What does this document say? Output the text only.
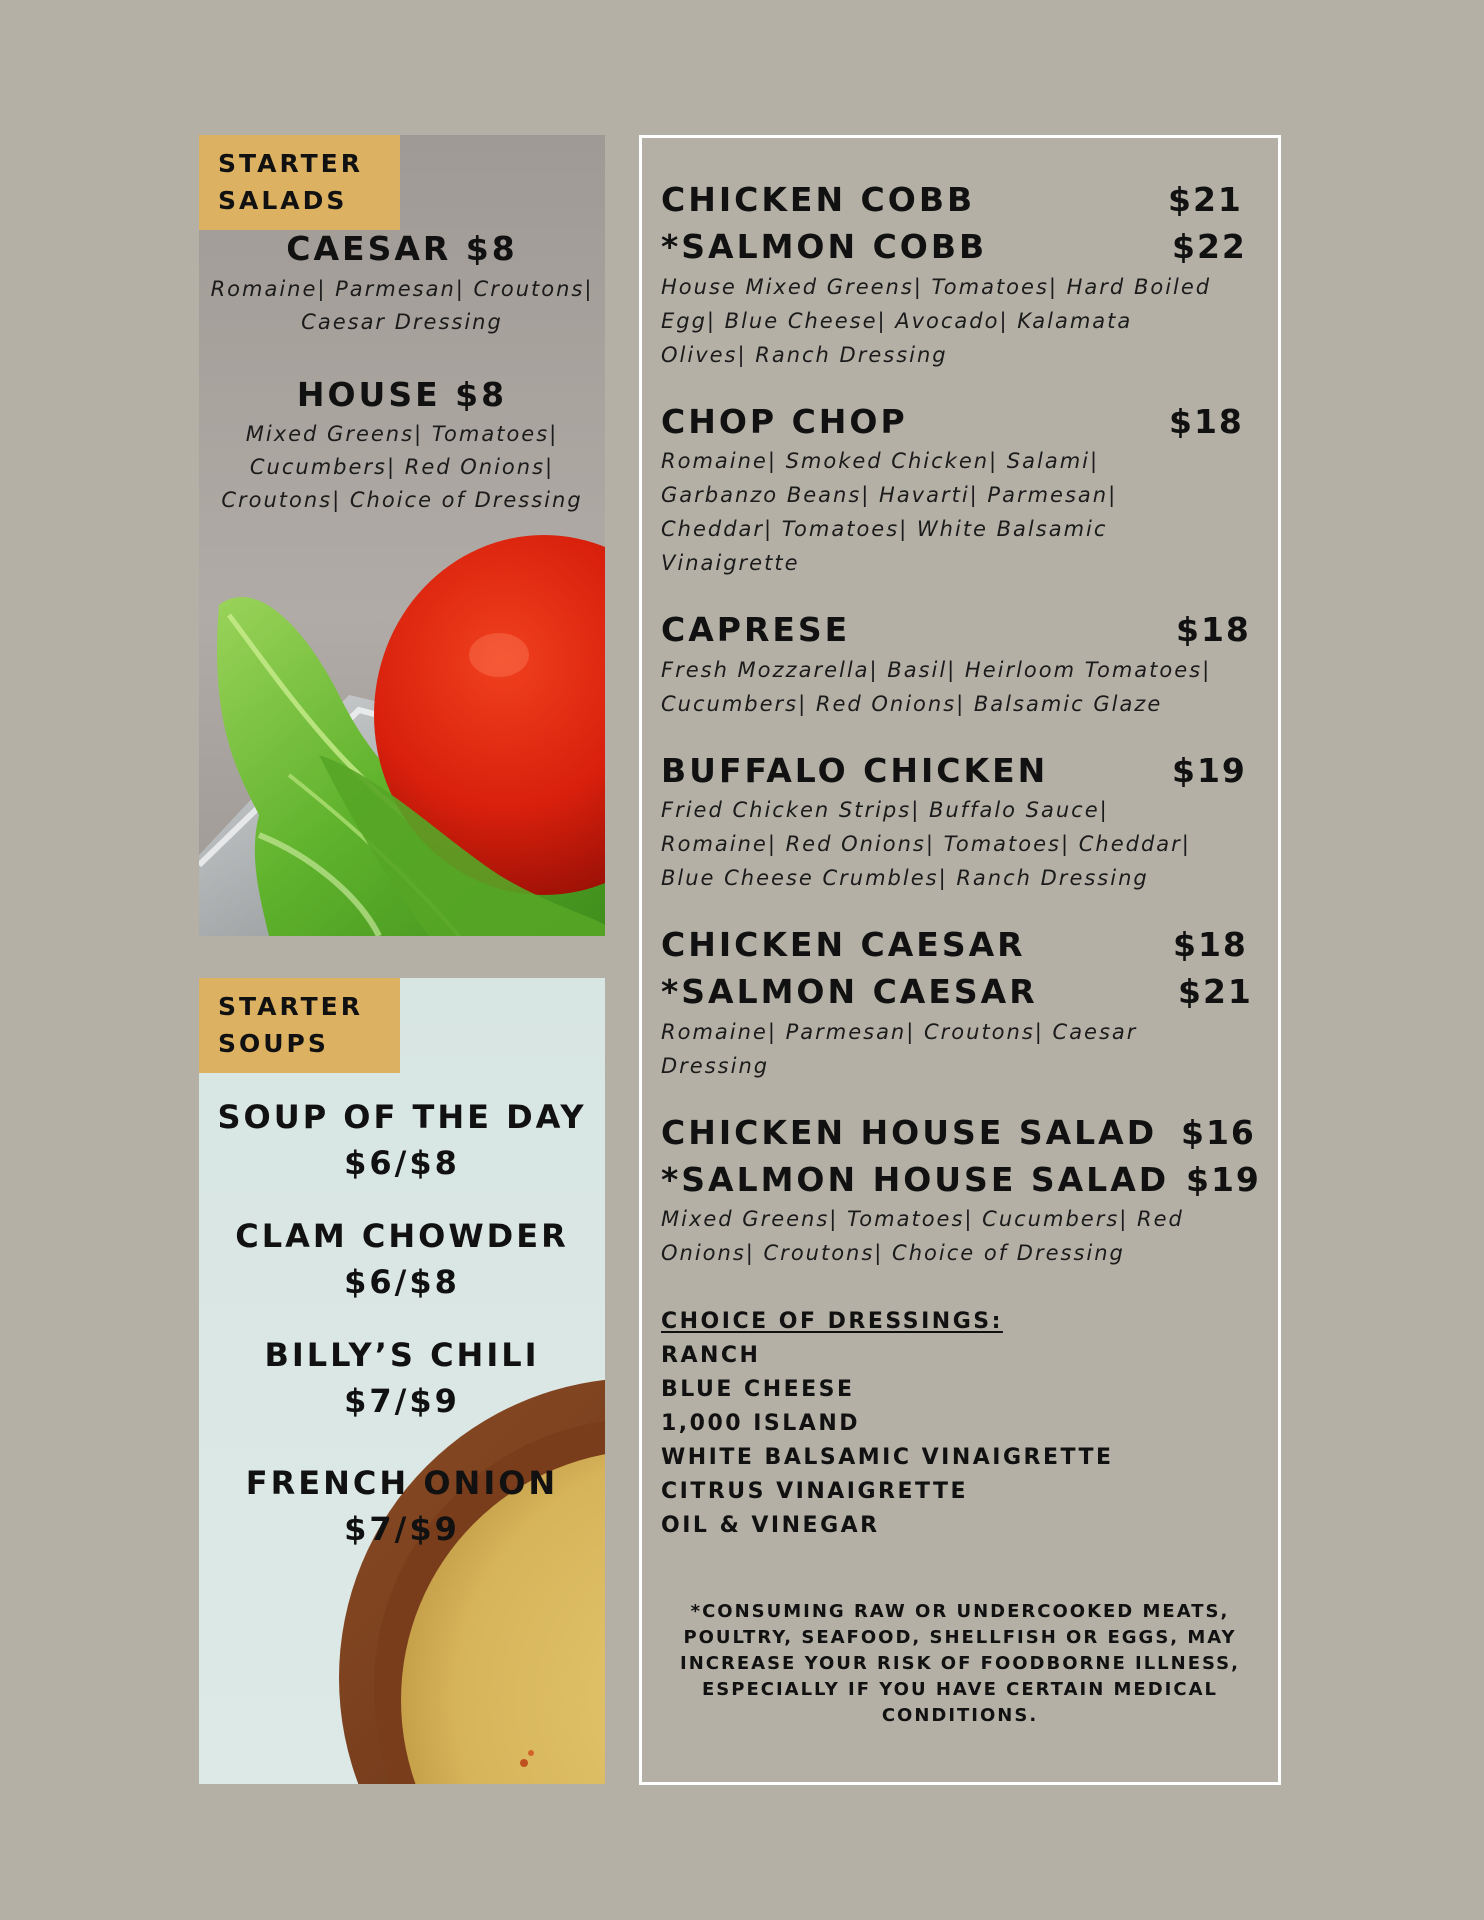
STARTER
SALADS
CAESAR $8
Romaine| Parmesan| Croutons|
Caesar Dressing
HOUSE $8
Mixed Greens| Tomatoes|
Cucumbers| Red Onions|
Croutons| Choice of Dressing
STARTER
SOUPS
SOUP OF THE DAY
$6/$8
CLAM CHOWDER
$6/$8
BILLY’S CHILI
$7/$9
FRENCH ONION
$7/$9
CHICKEN COBB	$21
*SALMON COBB	$22
House Mixed Greens| Tomatoes| Hard Boiled
Egg| Blue Cheese| Avocado| Kalamata
Olives| Ranch Dressing
CHOP CHOP	$18
Romaine| Smoked Chicken| Salami|
Garbanzo Beans| Havarti| Parmesan|
Cheddar| Tomatoes| White Balsamic
Vinaigrette
CAPRESE	$18
Fresh Mozzarella| Basil| Heirloom Tomatoes|
Cucumbers| Red Onions| Balsamic Glaze
BUFFALO CHICKEN	$19
Fried Chicken Strips| Buffalo Sauce|
Romaine| Red Onions| Tomatoes| Cheddar|
Blue Cheese Crumbles| Ranch Dressing
CHICKEN CAESAR	$18
*SALMON CAESAR	$21
Romaine| Parmesan| Croutons| Caesar
Dressing
CHICKEN HOUSE SALAD $16
*SALMON HOUSE SALAD $19
Mixed Greens| Tomatoes| Cucumbers| Red
Onions| Croutons| Choice of Dressing
CHOICE OF DRESSINGS:
RANCH
BLUE CHEESE
1,000 ISLAND
WHITE BALSAMIC VINAIGRETTE
CITRUS VINAIGRETTE
OIL & VINEGAR
*CONSUMING RAW OR UNDERCOOKED MEATS,
POULTRY, SEAFOOD, SHELLFISH OR EGGS, MAY
INCREASE YOUR RISK OF FOODBORNE ILLNESS,
ESPECIALLY IF YOU HAVE CERTAIN MEDICAL
CONDITIONS.
